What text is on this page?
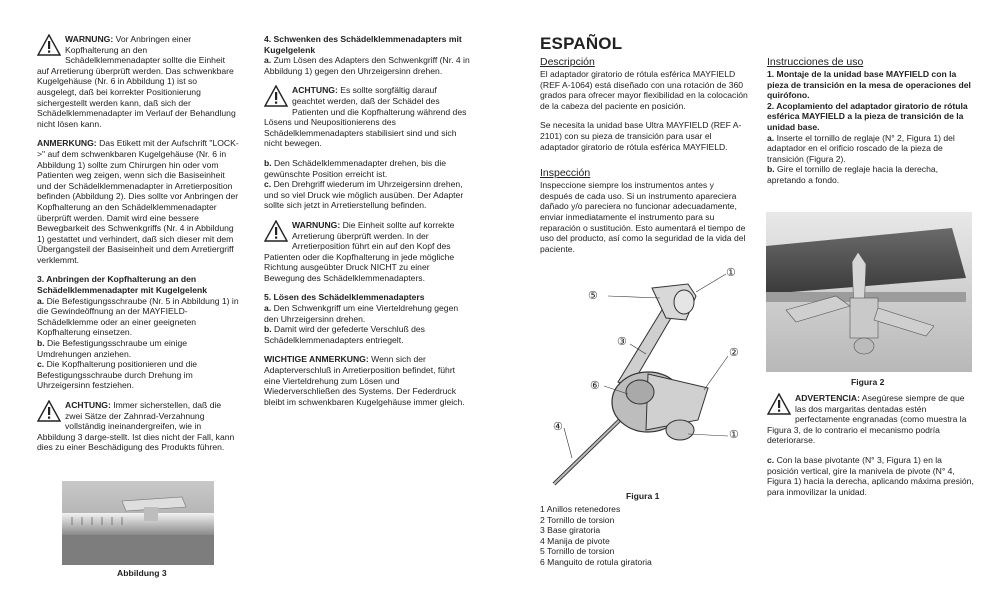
WARNUNG: Vor Anbringen einer Kopfhalterung an den Schädelklemmenadapter sollte die Einheit auf Arretierung überprüft werden. Das schwenkbare Kugelgehäuse (Nr. 6 in Abbildung 1) ist so ausgelegt, daß bei korrekter Positionierung sichergestellt werden kann, daß sich der Schädelklemmenadapter im Verlauf der Behandlung nicht lösen kann.

ANMERKUNG: Das Etikett mit der Aufschrift "LOCK->" auf dem schwenkbaren Kugelgehäuse (Nr. 6 in Abbildung 1) sollte zum Chirurgen hin oder vom Patienten weg zeigen, wenn sich die Basiseinheit und der Schädelklemmenadapter in Arretierposition befinden (Abbildung 2). Dies sollte vor Anbringen der Kopfhalterung an den Schädelklemmenadapter überprüft werden. Damit wird eine bessere Bewegbarkeit des Schwenkgriffs (Nr. 4 in Abbildung 1) gestattet und verhindert, daß sich dieser mit dem Übergangsteil der Basiseinheit und dem Arretiergriff verklemmt.

3. Anbringen der Kopfhalterung an den Schädelklemmenadapter mit Kugelgelenk
a. Die Befestigungsschraube (Nr. 5 in Abbildung 1) in die Gewindeöffnung an der MAYFIELD-Schädelklemme oder an einer geeigneten Kopfhalterung einsetzen.
b. Die Befestigungsschraube um einige Umdrehungen anziehen.
c. Die Kopfhalterung positionieren und die Befestigungsschraube durch Drehung im Uhrzeigersinn festziehen.

ACHTUNG: Immer sicherstellen, daß die zwei Sätze der Zahnrad-Verzahnung vollständig ineinandergreifen, wie in Abbildung 3 darge-stellt. Ist dies nicht der Fall, kann dies zu einer Beschädigung des Produkts führen.
Abbildung 3

4. Schwenken des Schädelklemmenadapters mit Kugelgelenk
a. Zum Lösen des Adapters den Schwenkgriff (Nr. 4 in Abbildung 1) gegen den Uhrzeigersinn drehen.

ACHTUNG: Es sollte sorgfältig darauf geachtet werden, daß der Schädel des Patienten und die Kopfhalterung während des Lösens und Neupositionierens des Schädelklemmenadapters stabilisiert sind und sich nicht bewegen.

b. Den Schädelklemmenadapter drehen, bis die gewünschte Position erreicht ist.
c. Den Drehgriff wiederum im Uhrzeigersinn drehen, und so viel Druck wie möglich ausüben. Der Adapter sollte sich jetzt in Arretierstellung befinden.

WARNUNG: Die Einheit sollte auf korrekte Arretierung überprüft werden. In der Arretierposition führt ein auf den Kopf des Patienten oder die Kopfhalterung in jede mögliche Richtung ausgeübter Druck NICHT zu einer Bewegung des Schädelklemmenadapters.

5. Lösen des Schädelklemmenadapters
a. Den Schwenkgriff um eine Vierteldrehung gegen den Uhrzeigersinn drehen.
b. Damit wird der gefederte Verschluß des Schädelklemmenadapters entriegelt.

WICHTIGE ANMERKUNG: Wenn sich der Adapterverschluß in Arretierposition befindet, führt eine Vierteldrehung zum Lösen und Wiederverschließen des Systems. Der Federdruck bleibt im schwenkbaren Kugelgehäuse immer gleich.

ESPAÑOL
Descripción

El adaptador giratorio de rótula esférica MAYFIELD (REF A-1064) está diseñado con una rotación de 360 grados para ofrecer mayor flexibilidad en la colocación de la cabeza del paciente en posición.

Se necesita la unidad base Ultra MAYFIELD (REF A-2101) con su pieza de transición para usar el adaptador giratorio de rótula esférica MAYFIELD.

Inspección

Inspeccione siempre los instrumentos antes y después de cada uso. Si un instrumento apareciera dañado y/o pareciera no funcionar adecuadamente, enviar inmediatamente el instrumento para su reparación o sustitución. Esto aumentará el tiempo de uso del producto, así como la seguridad de la vida del paciente.

①
⑤
③
②
⑥
①
④
Figura 1
1 Anillos retenedores
2 Tornillo de torsion
3 Base giratoria
4 Manija de pivote
5 Tornillo de torsion
6 Manguito de rotula giratoria
Instrucciones de uso
1. Montaje de la unidad base MAYFIELD con la pieza de transición en la mesa de operaciones del quirófono.
2. Acoplamiento del adaptador giratorio de rótula esférica MAYFIELD a la pieza de transición de la unidad base.
a. Inserte el tornillo de reglaje (N° 2, Figura 1) del adaptador en el orificio roscado de la pieza de transición (Figura 2).
b. Gire el tornillo de reglaje hacia la derecha, apretando a fondo.
Figura 2
ADVERTENCIA: Asegúrese siempre de que las dos margaritas dentadas estén perfectamente engranadas (como muestra la Figura 3, de lo contrario el mecanismo podría deteriorarse.

c. Con la base pivotante (N° 3, Figura 1) en la posición vertical, gire la manivela de pivote (N° 4, Figura 1) hacia la derecha, aplicando máxima presión, para inmovilizar la unidad.
